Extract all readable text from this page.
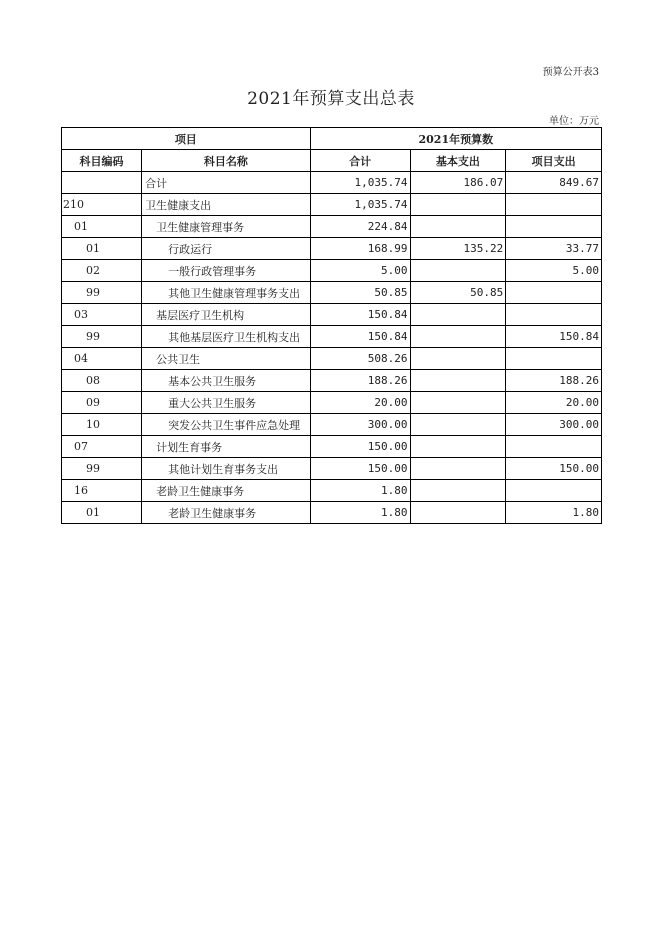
预算公开表3
2021年预算支出总表
单位：万元
项目		2021年预算数		
科目编码	科目名称	合计	基本支出	项目支出
	合计	1,035.74	186.07	849.67
210	卫生健康支出	1,035.74		
01	卫生健康管理事务	224.84		
01	行政运行	168.99	135.22	33.77
02	一般行政管理事务	5.00		5.00
99	其他卫生健康管理事务支出	50.85	50.85	
03	基层医疗卫生机构	150.84		
99	其他基层医疗卫生机构支出	150.84		150.84
04	公共卫生	508.26		
08	基本公共卫生服务	188.26		188.26
09	重大公共卫生服务	20.00		20.00
10	突发公共卫生事件应急处理	300.00		300.00
07	计划生育事务	150.00		
99	其他计划生育事务支出	150.00		150.00
16	老龄卫生健康事务	1.80		
01	老龄卫生健康事务	1.80		1.80
